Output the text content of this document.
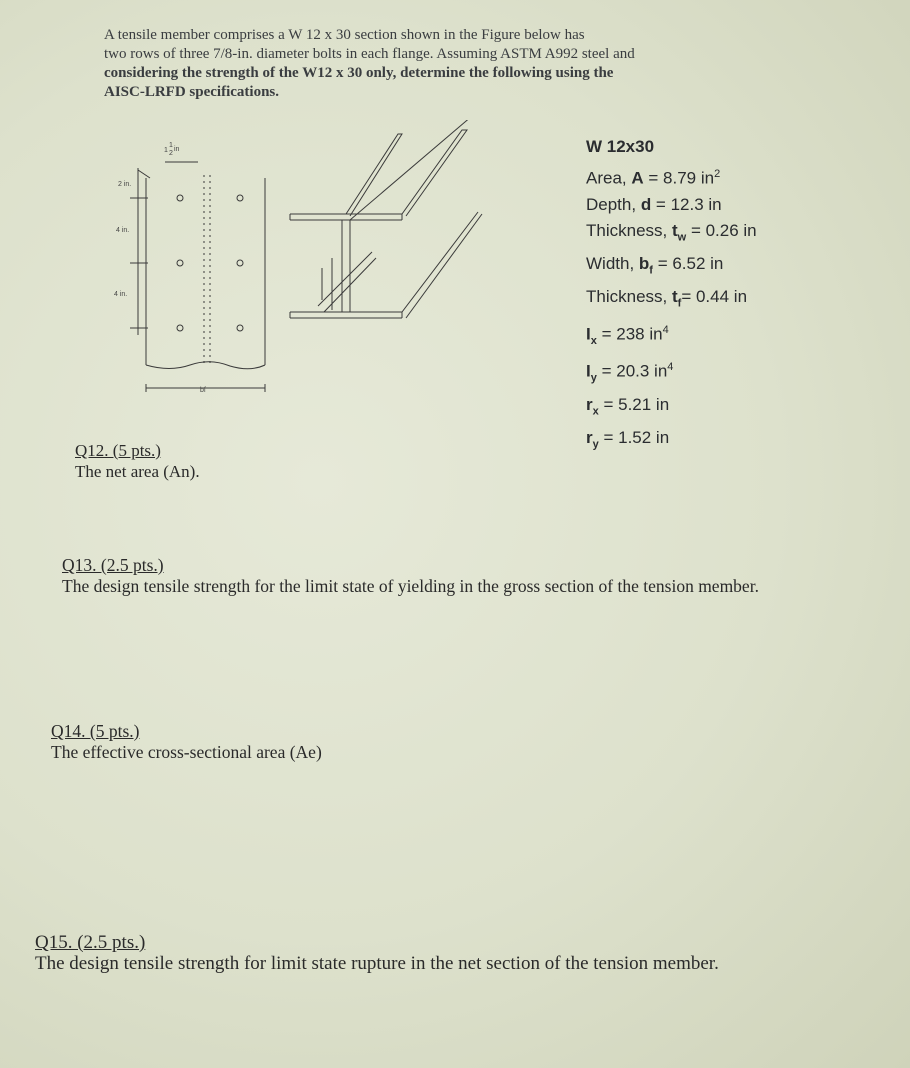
A tensile member comprises a W 12 x 30 section shown in the Figure below has
two rows of three 7/8-in. diameter bolts in each flange. Assuming ASTM A992 steel and
considering the strength of the W12 x 30 only, determine the following using the
AISC-LRFD specifications.
1
1
2
in
2 in.
4 in.
4 in.
bf
W 12x30
Area, A = 8.79 $in^2$
Depth, d = 12.3 in
Thickness, $t_w = 0.26$ in
Width, $b_f = 6.52$ in
Thickness, $t_f= 0.44$ in
$I_x = 238$ $in^4$
$I_y = 20.3$ $in^4$
$r_x = 5.21$ in
$r_y = 1.52$ in
Q12. (5 pts.)
The net area (An).
Q13. (2.5 pts.)
The design tensile strength for the limit state of yielding in the gross section of the tension member.
Q14. (5 pts.)
The effective cross-sectional area (Ae)
Q15. (2.5 pts.)
The design tensile strength for limit state rupture in the net section of the tension member.
